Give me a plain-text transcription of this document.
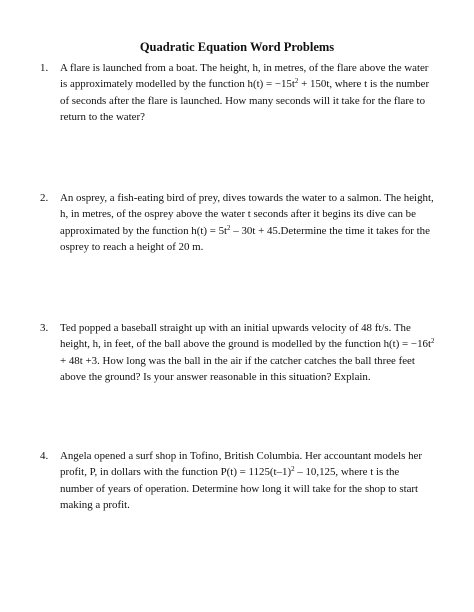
Quadratic Equation Word Problems
1. A flare is launched from a boat. The height, h, in metres, of the flare above the water is approximately modelled by the function $h(t) = -15t^2 + 150t$, where t is the number of seconds after the flare is launched. How many seconds will it take for the flare to return to the water?
2. An osprey, a fish-eating bird of prey, dives towards the water to a salmon. The height, h, in metres, of the osprey above the water t seconds after it begins its dive can be approximated by the function $h(t) = 5t^2 - 30t$ + 45.Determine the time it takes for the osprey to reach a height of 20 m.
3. Ted popped a baseball straight up with an initial upwards velocity of 48 ft/s. The height, h, in feet, of the ball above the ground is modelled by the function $h(t) = -16t^2 + 48t +3$. How long was the ball in the air if the catcher catches the ball three feet above the ground? Is your answer reasonable in this situation? Explain.
4. Angela opened a surf shop in Tofino, British Columbia. Her accountant models her profit, P, in dollars with the function $P(t) = 1125(t-1)^2 - 10,125$, where t is the number of years of operation. Determine how long it will take for the shop to start making a profit.
